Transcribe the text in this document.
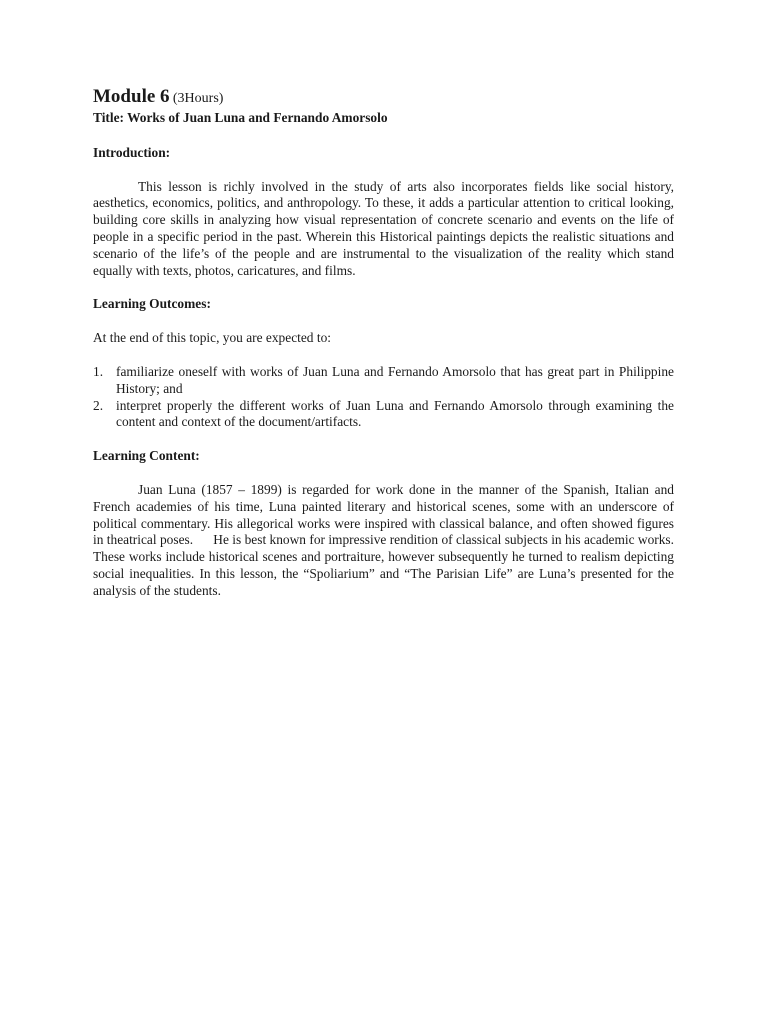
Module 6 (3Hours)

Title: Works of Juan Luna and Fernando Amorsolo

Introduction:

This lesson is richly involved in the study of arts also incorporates fields like social history, aesthetics, economics, politics, and anthropology. To these, it adds a particular attention to critical looking, building core skills in analyzing how visual representation of concrete scenario and events on the life of people in a specific period in the past. Wherein this Historical paintings depicts the realistic situations and scenario of the life’s of the people and are instrumental to the visualization of the reality which stand equally with texts, photos, caricatures, and films.

Learning Outcomes:

At the end of this topic, you are expected to:

1. familiarize oneself with works of Juan Luna and Fernando Amorsolo that has great part in Philippine History; and
2. interpret properly the different works of Juan Luna and Fernando Amorsolo through examining the content and context of the document/artifacts.

Learning Content:

Juan Luna (1857 – 1899) is regarded for work done in the manner of the Spanish, Italian and French academies of his time, Luna painted literary and historical scenes, some with an underscore of political commentary. His allegorical works were inspired with classical balance, and often showed figures in theatrical poses.      He is best known for impressive rendition of classical subjects in his academic works. These works include historical scenes and portraiture, however subsequently he turned to realism depicting social inequalities. In this lesson, the “Spoliarium” and “The Parisian Life” are Luna’s presented for the analysis of the students.
